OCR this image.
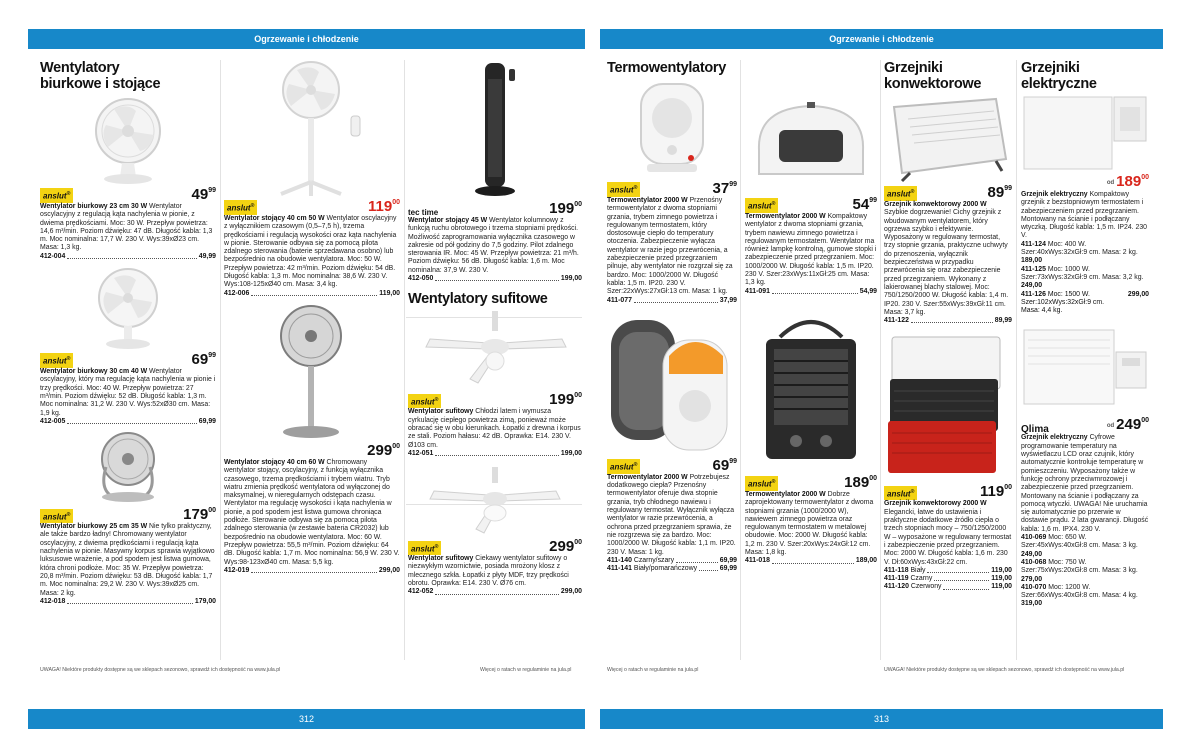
Ogrzewanie i chłodzenie	Ogrzewanie i chłodzenie
Wentylatory biurkowe i stojące
anslut ®	$49^{99}$
Wentylator biurkowy 23 cm 30 W Wentylator oscylacyjny z regulacją kąta nachylenia w pionie, z dwiema prędkościami. Moc: 30 W. Przepływ powietrza: 14,6 m³/min. Poziom dźwięku: 47 dB. Długość kabla: 1,3 m. Moc nominalna: 17,7 W. 230 V. Wys:39xØ23 cm. Masa: 1,3 kg.
412-004	49,99
anslut ®	$69^{99}$
Wentylator biurkowy 30 cm 40 W Wentylator oscylacyjny, który ma regulację kąta nachylenia w pionie i trzy prędkości. Moc: 40 W. Przepływ powietrza: 27 m³/min. Poziom dźwięku: 52 dB. Długość kabla: 1,3 m. Moc nominalna: 31,2 W. 230 V. Wys:52xØ30 cm. Masa: 1,9 kg.
412-005	69,99
anslut ®	$179^{00}$
Wentylator biurkowy 25 cm 35 W Nie tylko praktyczny, ale także bardzo ładny! Chromowany wentylator oscylacyjny, z dwiema prędkościami i regulacją kąta nachylenia w pionie. Masywny korpus sprawia wyjątkowo luksusowe wrażenie, a pod spodem jest listwa gumowa, która chroni podłoże. Moc: 35 W. Przepływ powietrza: 20,8 m³/min. Poziom dźwięku: 53 dB. Długość kabla: 1,7 m. Moc nominalna: 29,2 W. 230 V. Wys:39xØ25 cm. Masa: 2 kg.
412-018	179,00
anslut ®	$119^{00}$
Wentylator stojący 40 cm 50 W Wentylator oscylacyjny z wyłącznikiem czasowym (0,5–7,5 h), trzema prędkościami i regulacją wysokości oraz kąta nachylenia w pionie. Sterowanie odbywa się za pomocą pilota zdalnego sterowania (baterie sprzedawana osobno) lub bezpośrednio na obudowie wentylatora. Moc: 50 W. Przepływ powietrza: 42 m³/min. Poziom dźwięku: 54 dB. Długość kabla: 1,3 m. Moc nominalna: 38,6 W. 230 V. Wys:108-125xØ40 cm. Masa: 3,4 kg.
412-006	119,00
$299^{00}$
Wentylator stojący 40 cm 60 W Chromowany wentylator stojący, oscylacyjny, z funkcją wyłącznika czasowego, trzema prędkościami i trybem wiatru. Tryb wiatru zmienia prędkość wentylatora od wyłączonej do maksymalnej, w nieregularnych odstępach czasu. Wentylator ma regulację wysokości i kąta nachylenia w pionie, a pod spodem jest listwa gumowa chroniąca podłoże. Sterowanie odbywa się za pomocą pilota zdalnego sterowania (w zestawie bateria CR2032) lub bezpośrednio na obudowie wentylatora. Moc: 60 W. Przepływ powietrza: 55,5 m³/min. Poziom dźwięku: 64 dB. Długość kabla: 1,7 m. Moc nominalna: 56,9 W. 230 V. Wys:98-123xØ40 cm. Masa: 5,5 kg.
412-019	299,00
tec time	$199^{00}$
Wentylator stojący 45 W Wentylator kolumnowy z funkcją ruchu obrotowego i trzema stopniami prędkości. Możliwość zaprogramowania wyłącznika czasowego w zakresie od pół godziny do 7,5 godziny. Pilot zdalnego sterowania IR. Moc: 45 W. Przepływ powietrza: 21 m³/h. Poziom dźwięku: 56 dB. Długość kabla: 1,6 m. Moc nominalna: 37,9 W. 230 V.
412-050	199,00
Wentylatory sufitowe
anslut ®	$199^{00}$
Wentylator sufitowy Chłodzi latem i wymusza cyrkulację ciepłego powietrza zimą, ponieważ może obracać się w obu kierunkach. Łopatki z drewna i korpus ze stali. Poziom hałasu: 42 dB. Oprawka: E14. 230 V. Ø103 cm.
412-051	199,00
anslut ®	$299^{00}$
Wentylator sufitowy Ciekawy wentylator sufitowy o niezwykłym wzornictwie, posiada mrożony klosz z mlecznego szkła. Łopatki z płyty MDF, trzy prędkości obrotu. Oprawka: E14. 230 V. Ø76 cm.
412-052	299,00
Termowentylatory
anslut ®	$37^{99}$
Termowentylator 2000 W Przenośny termowentylator z dwoma stopniami grzania, trybem zimnego powietrza i regulowanym termostatem, który dostosowuje ciepło do temperatury otoczenia. Zabezpieczenie wyłącza wentylator w razie jego przewrócenia, a zabezpieczenie przed przegrzaniem pilnuje, aby wentylator nie rozgrzał się za bardzo. Moc: 1000/2000 W. Długość kabla: 1,5 m. IP20. 230 V. Szer:22xWys:27xGł:13 cm. Masa: 1 kg.
411-077	37,99
anslut ®	$69^{99}$
Termowentylator 2000 W Potrzebujesz dodatkowego ciepła? Przenośny termowentylator oferuje dwa stopnie grzania, tryb chłodnego nawiewu i regulowany termostat. Wyłącznik wyłącza wentylator w razie przewrócenia, a ochrona przed przegrzaniem sprawia, że nie rozgrzewa się za bardzo. Moc: 1000/2000 W. Długość kabla: 1,1 m. IP20. 230 V. Masa: 1 kg.
411-140
Czarny/szary	69,99
411-141
Biały/pomarańczowy	69,99
anslut ®	$54^{99}$
Termowentylator 2000 W Kompaktowy wentylator z dwoma stopniami grzania, trybem nawiewu zimnego powietrza i regulowanym termostatem. Wentylator ma również lampkę kontrolną, gumowe stopki i zabezpieczenie przed przegrzaniem. Moc: 1000/2000 W. Długość kabla: 1,5 m. IP20. 230 V. Szer:23xWys:11xGł:25 cm. Masa: 1,3 kg.
411-091	54,99
anslut ®	$189^{00}$
Termowentylator 2000 W Dobrze zaprojektowany termowentylator z dwoma stopniami grzania (1000/2000 W), nawiewem zimnego powietrza oraz regulowanym termostatem w metalowej obudowie. Moc: 2000 W. Długość kabla: 1,2 m. 230 V. Szer:20xWys:24xGł:12 cm. Masa: 1,8 kg.
411-018	189,00
Grzejniki konwektorowe
anslut ®	$89^{99}$
Grzejnik konwektorowy 2000 W Szybkie dogrzewanie! Cichy grzejnik z wbudowanym wentylatorem, który ogrzewa szybko i efektywnie. Wyposażony w regulowany termostat, trzy stopnie grzania, praktyczne uchwyty do przenoszenia, wyłącznik bezpieczeństwa w przypadku przewrócenia się oraz zabezpieczenie przed przegrzaniem. Wykonany z lakierowanej blachy stalowej. Moc: 750/1250/2000 W. Długość kabla: 1,4 m. IP20. 230 V. Szer:55xWys:39xGł:11 cm. Masa: 3,7 kg.
411-122	89,99
anslut ®	$119^{00}$
Grzejnik konwektorowy 2000 W Elegancki, łatwe do ustawienia i praktyczne dodatkowe źródło ciepła o trzech stopniach mocy – 750/1250/2000 W – wyposażone w regulowany termostat i zabezpieczenie przed przegrzaniem. Moc: 2000 W. Długość kabla: 1,6 m. 230 V. Dł:60xWys:43xGł:22 cm.
411-118
Biały	119,00
411-119
Czarny	119,00
411-120
Czerwony	119,00
Grzejniki elektryczne
od $189^{00}$
Grzejnik elektryczny Kompaktowy grzejnik z bezstopniowym termostatem i zabezpieczeniem przed przegrzaniem. Montowany na ścianie i podłączany wtyczką. Długość kabla: 1,5 m. IP24. 230 V.
411-124 Moc: 400 W. Szer:40xWys:32xGł:9 cm. Masa: 2 kg. 189,00
411-125 Moc: 1000 W. Szer:73xWys:32xGł:9 cm. Masa: 3,2 kg. 249,00
411-126 Moc: 1500 W. Szer:102xWys:32xGł:9 cm. Masa: 4,4 kg.
299,00
Qlima	od $249^{00}$
Grzejnik elektryczny Cyfrowe programowanie temperatury na wyświetlaczu LCD oraz czujnik, który automatycznie kontroluje temperaturę w pomieszczeniu. Wyposażony także w funkcję ochrony przeciwmrozowej i zabezpieczenie przed przegrzaniem. Montowany na ścianie i podłączany za pomocą wtyczki. UWAGA! Nie uruchamia się automatycznie po przerwie w dostawie prądu. 2 lata gwarancji. Długość kabla: 1,6 m. IPX4. 230 V.
410-069 Moc: 650 W. Szer:45xWys:40xGł:8 cm. Masa: 3 kg. 249,00
410-068 Moc: 750 W. Szer:75xWys:20xGł:8 cm. Masa: 3 kg. 279,00
410-070 Moc: 1200 W. Szer:66xWys:40xGł:8 cm. Masa: 4 kg. 319,00
UWAGA! Niektóre produkty dostępne są we sklepach sezonowo, sprawdź ich dostępność na www.jula.pl	Więcej o ratach w regulaminie na jula.pl	Więcej o ratach w regulaminie na jula.pl	UWAGA! Niektóre produkty dostępne są we sklepach sezonowo, sprawdź ich dostępność na www.jula.pl
312	313
